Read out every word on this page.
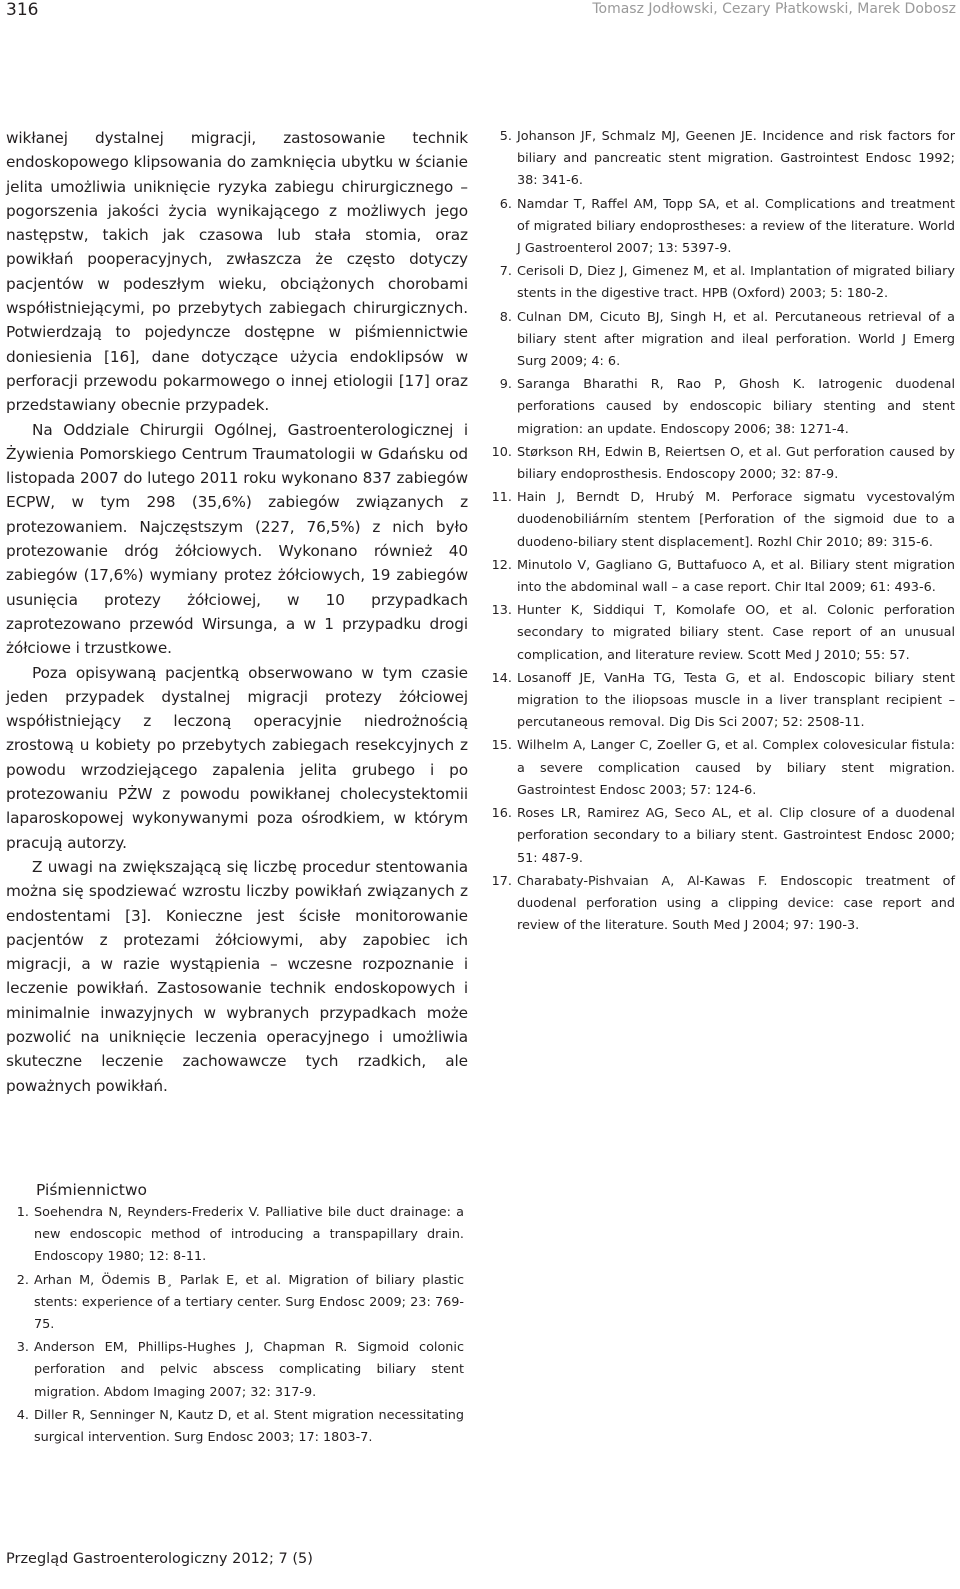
316	Tomasz Jodłowski, Cezary Płatkowski, Marek Dobosz

wikłanej dystalnej migracji, zastosowanie technik endoskopowego klipsowania do zamknięcia ubytku w ścianie jelita umożliwia uniknięcie ryzyka zabiegu chirurgicznego – pogorszenia jakości życia wynikającego z możliwych jego następstw, takich jak czasowa lub stała stomia, oraz powikłań pooperacyjnych, zwłaszcza że często dotyczy pacjentów w podeszłym wieku, obciążonych chorobami współistniejącymi, po przebytych zabiegach chirurgicznych. Potwierdzają to pojedyncze dostępne w piśmiennictwie doniesienia [16], dane dotyczące użycia endoklipsów w perforacji przewodu pokarmowego o innej etiologii [17] oraz przedstawiany obecnie przypadek.

Na Oddziale Chirurgii Ogólnej, Gastroenterologicznej i Żywienia Pomorskiego Centrum Traumatologii w Gdańsku od listopada 2007 do lutego 2011 roku wykonano 837 zabiegów ECPW, w tym 298 (35,6%) zabiegów związanych z protezowaniem. Najczęstszym (227, 76,5%) z nich było protezowanie dróg żółciowych. Wykonano również 40 zabiegów (17,6%) wymiany protez żółciowych, 19 zabiegów usunięcia protezy żółciowej, w 10 przypadkach zaprotezowano przewód Wirsunga, a w 1 przypadku drogi żółciowe i trzustkowe.

Poza opisywaną pacjentką obserwowano w tym czasie jeden przypadek dystalnej migracji protezy żółciowej współistniejący z leczoną operacyjnie niedrożnością zrostową u kobiety po przebytych zabiegach resekcyjnych z powodu wrzodziejącego zapalenia jelita grubego i po protezowaniu PŻW z powodu powikłanej cholecystektomii laparoskopowej wykonywanymi poza ośrodkiem, w którym pracują autorzy.

Z uwagi na zwiększającą się liczbę procedur stentowania można się spodziewać wzrostu liczby powikłań związanych z endostentami [3]. Konieczne jest ścisłe monitorowanie pacjentów z protezami żółciowymi, aby zapobiec ich migracji, a w razie wystąpienia – wczesne rozpoznanie i leczenie powikłań. Zastosowanie technik endoskopowych i minimalnie inwazyjnych w wybranych przypadkach może pozwolić na uniknięcie leczenia operacyjnego i umożliwia skuteczne leczenie zachowawcze tych rzadkich, ale poważnych powikłań.

Piśmiennictwo
1. Soehendra N, Reynders-Frederix V. Palliative bile duct drainage: a new endoscopic method of introducing a transpapillary drain. Endoscopy 1980; 12: 8-11.
2. Arhan M, Ödemis B¸ Parlak E, et al. Migration of biliary plastic stents: experience of a tertiary center. Surg Endosc 2009; 23: 769-75.
3. Anderson EM, Phillips-Hughes J, Chapman R. Sigmoid colonic perforation and pelvic abscess complicating biliary stent migration. Abdom Imaging 2007; 32: 317-9.
4. Diller R, Senninger N, Kautz D, et al. Stent migration necessitating surgical intervention. Surg Endosc 2003; 17: 1803-7.
5. Johanson JF, Schmalz MJ, Geenen JE. Incidence and risk factors for biliary and pancreatic stent migration. Gastrointest Endosc 1992; 38: 341-6.
6. Namdar T, Raffel AM, Topp SA, et al. Complications and treatment of migrated biliary endoprostheses: a review of the literature. World J Gastroenterol 2007; 13: 5397-9.
7. Cerisoli D, Diez J, Gimenez M, et al. Implantation of migrated biliary stents in the digestive tract. HPB (Oxford) 2003; 5: 180-2.
8. Culnan DM, Cicuto BJ, Singh H, et al. Percutaneous retrieval of a biliary stent after migration and ileal perforation. World J Emerg Surg 2009; 4: 6.
9. Saranga Bharathi R, Rao P, Ghosh K. Iatrogenic duodenal perforations caused by endoscopic biliary stenting and stent migration: an update. Endoscopy 2006; 38: 1271-4.
10. Størkson RH, Edwin B, Reiertsen O, et al. Gut perforation caused by biliary endoprosthesis. Endoscopy 2000; 32: 87-9.
11. Hain J, Berndt D, Hrubý M. Perforace sigmatu vycestovalým duodenobiliárním stentem [Perforation of the sigmoid due to a duodeno-biliary stent displacement]. Rozhl Chir 2010; 89: 315-6.
12. Minutolo V, Gagliano G, Buttafuoco A, et al. Biliary stent migration into the abdominal wall – a case report. Chir Ital 2009; 61: 493-6.
13. Hunter K, Siddiqui T, Komolafe OO, et al. Colonic perforation secondary to migrated biliary stent. Case report of an unusual complication, and literature review. Scott Med J 2010; 55: 57.
14. Losanoff JE, VanHa TG, Testa G, et al. Endoscopic biliary stent migration to the iliopsoas muscle in a liver transplant recipient – percutaneous removal. Dig Dis Sci 2007; 52: 2508-11.
15. Wilhelm A, Langer C, Zoeller G, et al. Complex colovesicular fistula: a severe complication caused by biliary stent migration. Gastrointest Endosc 2003; 57: 124-6.
16. Roses LR, Ramirez AG, Seco AL, et al. Clip closure of a duodenal perforation secondary to a biliary stent. Gastrointest Endosc 2000; 51: 487-9.
17. Charabaty-Pishvaian A, Al-Kawas F. Endoscopic treatment of duodenal perforation using a clipping device: case report and review of the literature. South Med J 2004; 97: 190-3.
Przegląd Gastroenterologiczny 2012; 7 (5)
